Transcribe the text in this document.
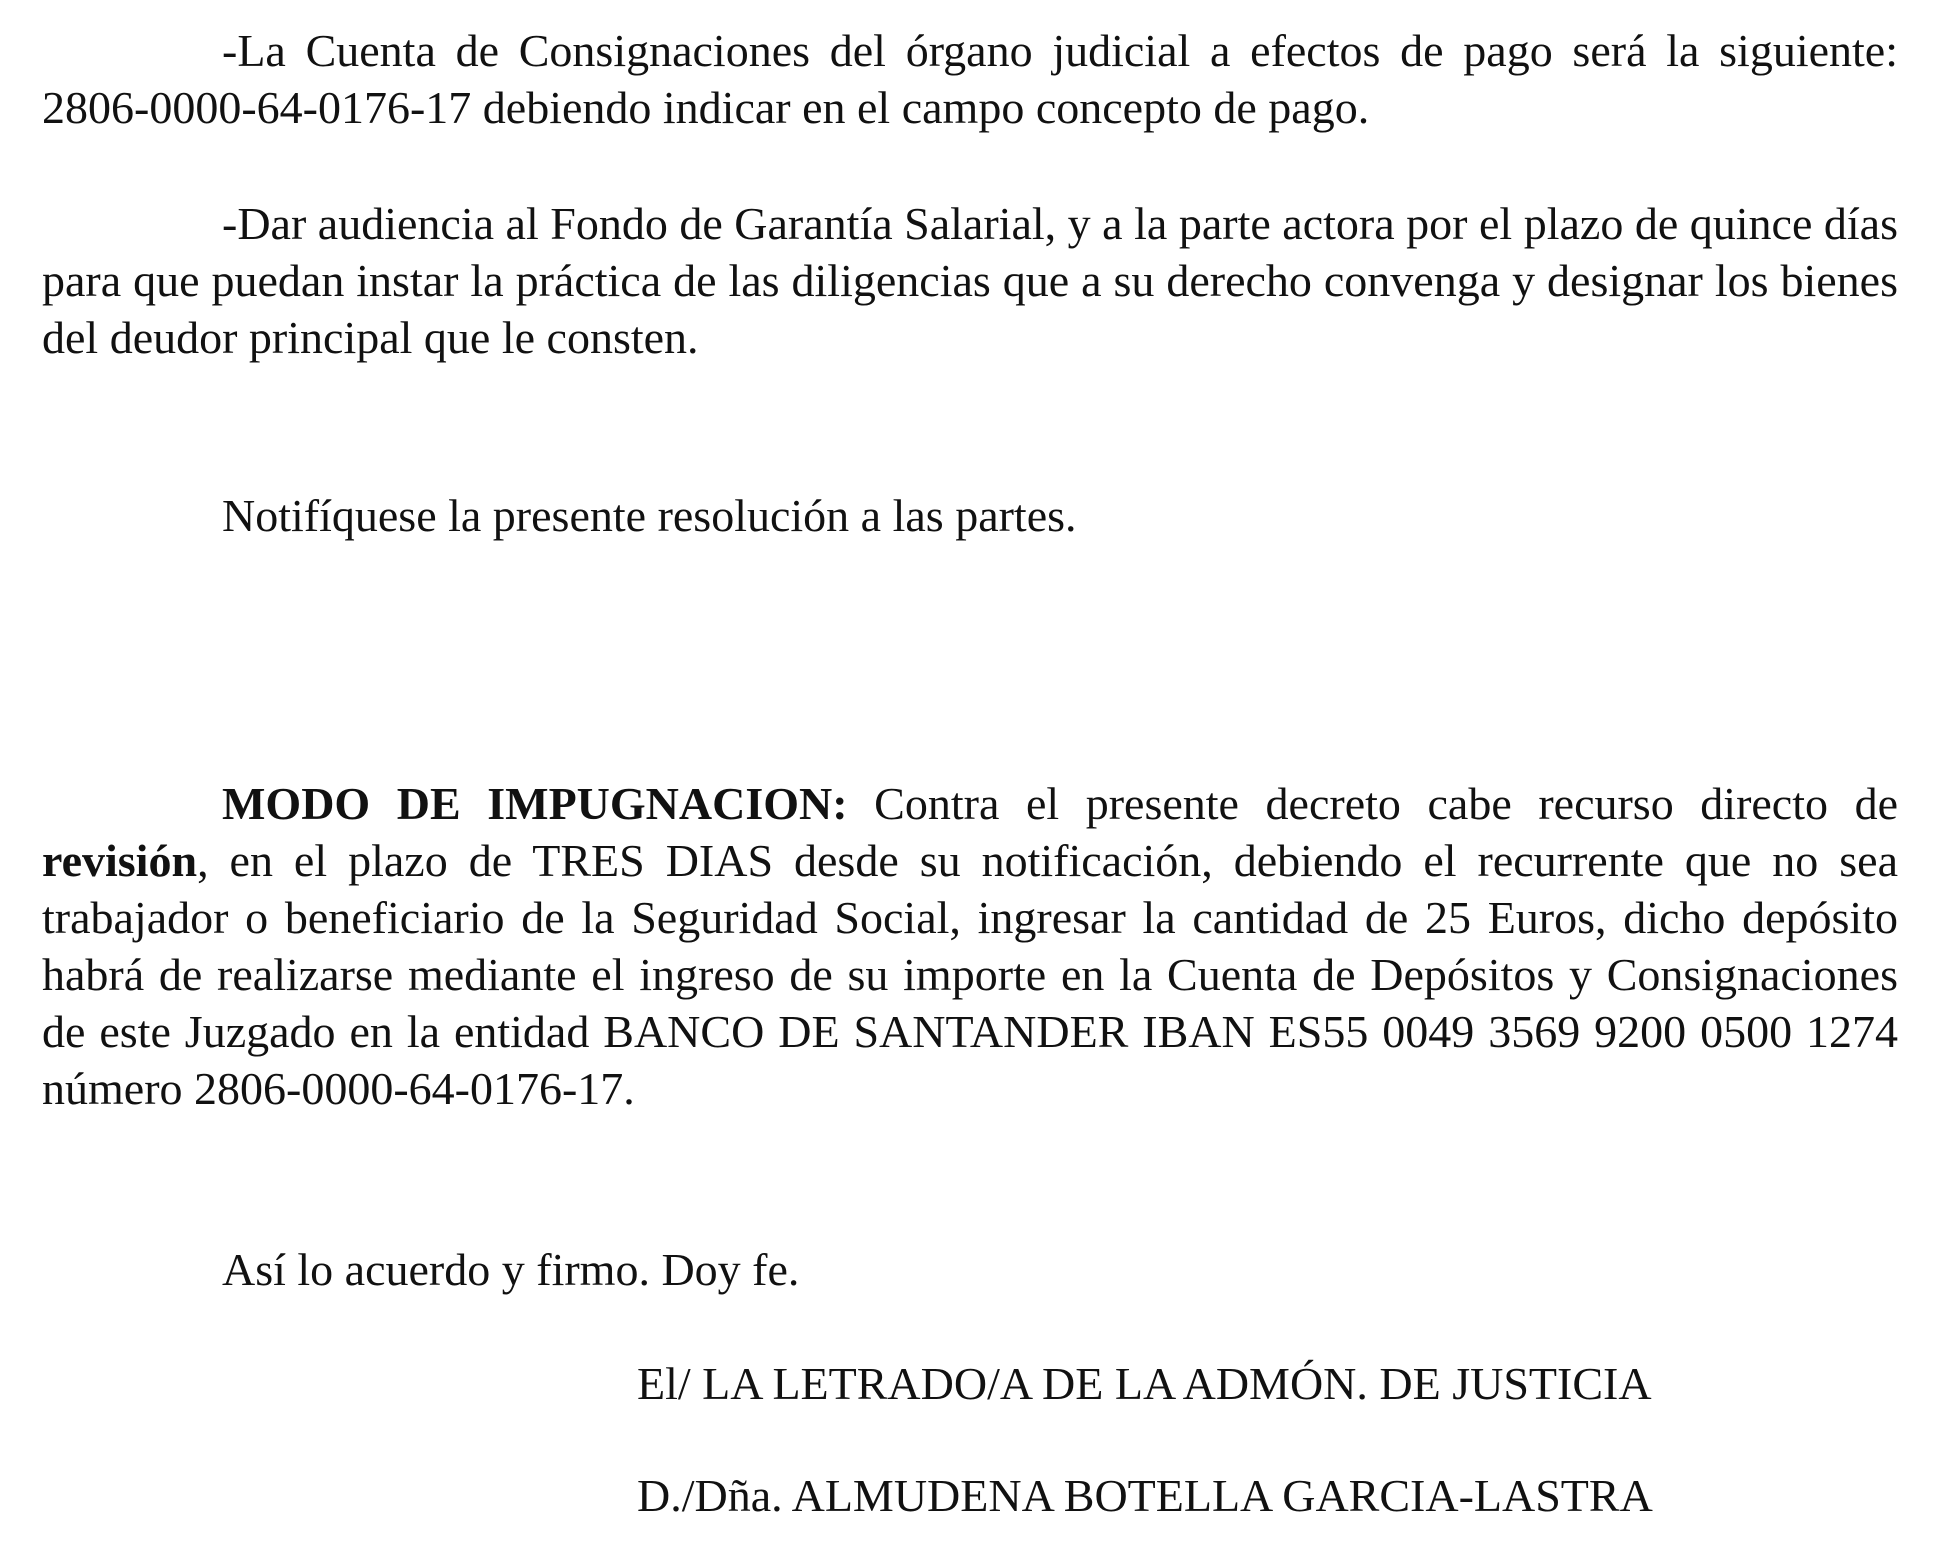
-La Cuenta de Consignaciones del órgano judicial a efectos de pago será la siguiente: 2806-0000-64-0176-17 debiendo indicar en el campo concepto de pago.

-Dar audiencia al Fondo de Garantía Salarial, y a la parte actora por el plazo de quince días para que puedan instar la práctica de las diligencias que a su derecho convenga y designar los bienes del deudor principal que le consten.

Notifíquese la presente resolución a las partes.

MODO DE IMPUGNACION: Contra el presente decreto cabe recurso directo de revisión, en el plazo de TRES DIAS desde su notificación, debiendo el recurrente que no sea trabajador o beneficiario de la Seguridad Social, ingresar la cantidad de 25 Euros, dicho depósito habrá de realizarse mediante el ingreso de su importe en la Cuenta de Depósitos y Consignaciones de este Juzgado en la entidad BANCO DE SANTANDER IBAN ES55 0049 3569 9200 0500 1274 número 2806-0000-64-0176-17.

Así lo acuerdo y firmo. Doy fe.

El/ LA LETRADO/A DE LA ADMÓN. DE JUSTICIA

D./Dña. ALMUDENA BOTELLA GARCIA-LASTRA
